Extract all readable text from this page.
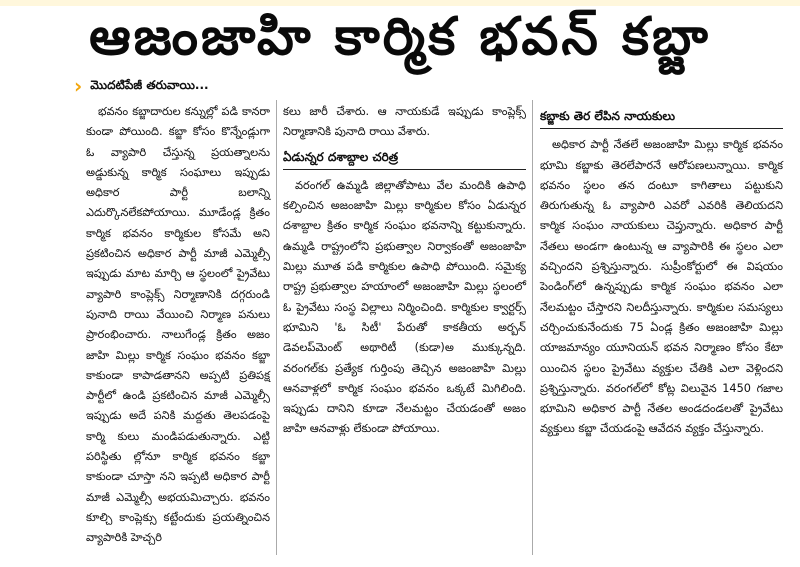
ఆజంజాహి కార్మిక భవన్ కబ్జా
› మొదటిపేజీ తరువాయి...

భవనం కబ్జాదారుల కన్నుల్లో పడి కానరా కుండా పోయింది. కబ్జా కోసం కొన్నేండ్లుగా ఓ వ్యాపారి చేస్తున్న ప్రయత్నాలను అడ్డుకున్న కార్మిక సంఘాలు ఇప్పుడు అధికార పార్టీ బలాన్ని ఎదుర్కొనలేకపోయాయి. మూడేండ్ల క్రితం కార్మిక భవనం కార్మికుల కోసమే అని ప్రకటించిన అధికార పార్టీ మాజీ ఎమ్మెల్సీ ఇప్పుడు మాట మార్చి ఆ స్థలంలో ప్రైవేటు వ్యాపారి కాంప్లెక్స్ నిర్మాణానికి దగ్గరుండి పునాది రాయి వేయించి నిర్మాణ పనులు ప్రారంభించారు. నాలుగేండ్ల క్రితం అజం జాహి మిల్లు కార్మిక సంఘం భవనం కబ్జా కాకుండా కాపాడతానని అప్పటి ప్రతిపక్ష పార్టీలో ఉండి ప్రకటించిన మాజీ ఎమ్మెల్సీ ఇప్పుడు అదే పనికి మద్దతు తెలపడంపై కార్మి కులు మండిపడుతున్నారు. ఎట్టి పరిస్థితు ల్లోనూ కార్మిక భవనం కబ్జా కాకుండా చూస్తా నని ఇప్పటి అధికార పార్టీ మాజీ ఎమ్మెల్సీ అభయమిచ్చారు. భవనం కూల్చి కాంప్లెక్సు కట్టేందుకు ప్రయత్నించిన వ్యాపారికి హెచ్చరి

కలు జారీ చేశారు. ఆ నాయకుడే ఇప్పుడు కాంప్లెక్స్ నిర్మాణానికి పునాది రాయి వేశారు.

ఏడున్నర దశాబ్దాల చరిత్ర

వరంగల్ ఉమ్మడి జిల్లాతోపాటు వేల మందికి ఉపాధి కల్పించిన అజంజాహి మిల్లు కార్మికుల కోసం ఏడున్నర దశాబ్దాల క్రితం కార్మిక సంఘం భవనాన్ని కట్టుకున్నారు. ఉమ్మడి రాష్ట్రంలోని ప్రభుత్వాల నిర్వాకంతో అజంజాహి మిల్లు మూత పడి కార్మికుల ఉపాధి పోయింది. సమైక్య రాష్ట్ర ప్రభుత్వాల హయాంలో అజంజాహి మిల్లు స్థలంలో ఓ ప్రైవేటు సంస్థ విల్లాలు నిర్మించింది. కార్మికుల క్వార్టర్స్ భూమిని 'ఓ సిటీ' పేరుతో కాకతీయ అర్బన్ డెవలప్‌మెంట్ అథారిటీ (కుడా)అ ముక్కున్నది. వరంగల్‌కు ప్రత్యేక గుర్తింపు తెచ్చిన అజంజాహి మిల్లు ఆనవాళ్లలో కార్మిక సంఘం భవనం ఒక్కటే మిగిలింది. ఇప్పుడు దానిని కూడా నేలమట్టం చేయడంతో అజం జాహి ఆనవాళ్లు లేకుండా పోయాయి.

కబ్జాకు తెర లేపిన నాయకులు

అధికార పార్టీ నేతలే అజంజాహి మిల్లు కార్మిక భవనం భూమి కబ్జాకు తెరలేపారనే ఆరోపణలున్నాయి. కార్మిక భవనం స్థలం తన దంటూ కాగితాలు పట్టుకుని తిరుగుతున్న ఓ వ్యాపారి ఎవరో ఎవరికి తెలియదని కార్మిక సంఘం నాయకులు చెప్తున్నారు. అధికార పార్టీ నేతలు అండగా ఉంటున్న ఆ వ్యాపారికి ఈ స్థలం ఎలా వచ్చిందని ప్రశ్నిస్తున్నారు. సుప్రీంకోర్టులో ఈ విషయం పెండింగ్‌లో ఉన్నప్పుడు కార్మిక సంఘం భవనం ఎలా నేలమట్టం చేస్తారని నిలదీస్తున్నారు. కార్మికుల సమస్యలు చర్చించుకునేందుకు 75 ఏండ్ల క్రితం అజంజాహి మిల్లు యాజమాన్యం యూనియన్ భవన నిర్మాణం కోసం కేటా యించిన స్థలం ప్రైవేటు వ్యక్తుల చేతికి ఎలా వెళ్లిందని ప్రశ్నిస్తున్నారు. వరంగల్‌లో కోట్ల విలువైన 1450 గజాల భూమిని అధికార పార్టీ నేతల అండదండలతో ప్రైవేటు వ్యక్తులు కబ్జా చేయడంపై ఆవేదన వ్యక్తం చేస్తున్నారు.
